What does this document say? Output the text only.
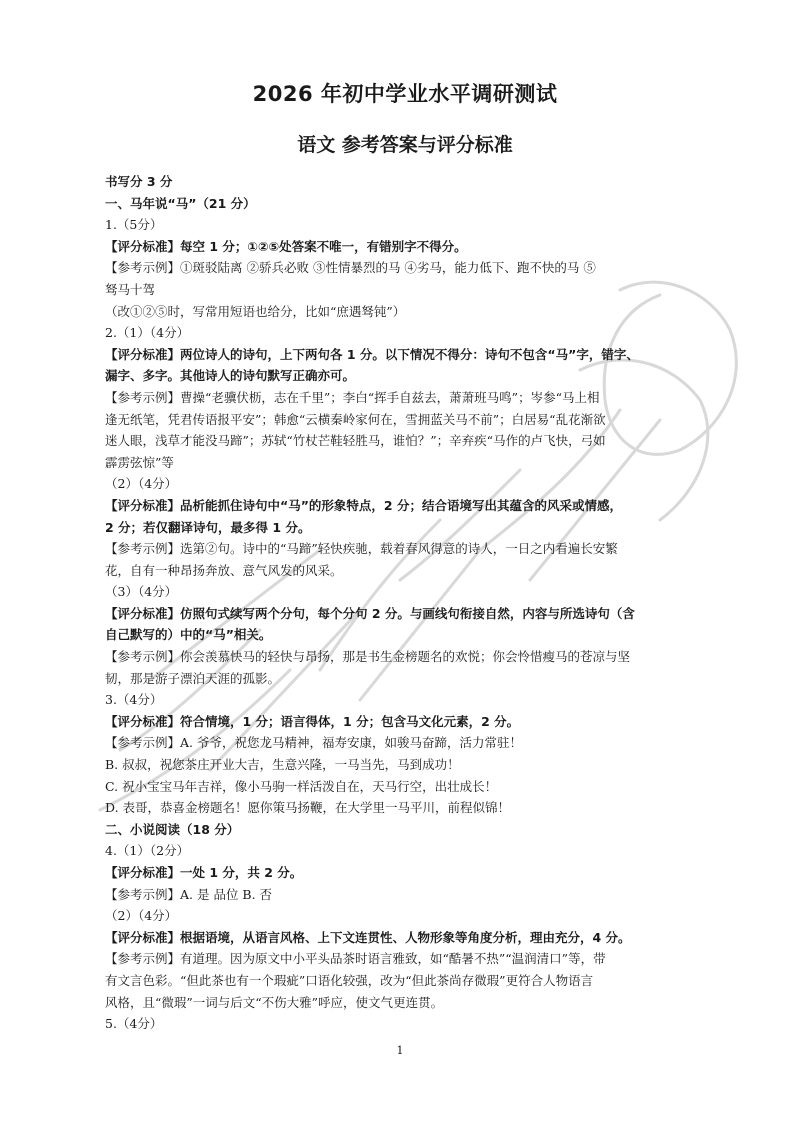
2026 年初中学业水平调研测试
语文 参考答案与评分标准

书写分 3 分

一、马年说“马”（21 分）

1.（5分）

【评分标准】每空 1 分；①②⑤处答案不唯一，有错别字不得分。

【参考示例】①斑驳陆离 ②骄兵必败 ③性情暴烈的马 ④劣马，能力低下、跑不快的马 ⑤

驽马十驾

（改①②⑤时，写常用短语也给分，比如“庶遇驽钝”）

2.（1）（4分）

【评分标准】两位诗人的诗句，上下两句各 1 分。以下情况不得分：诗句不包含“马”字，错字、

漏字、多字。其他诗人的诗句默写正确亦可。

【参考示例】曹操“老骥伏枥，志在千里”；李白“挥手自兹去，萧萧班马鸣”；岑参“马上相

逢无纸笔，凭君传语报平安”；韩愈“云横秦岭家何在，雪拥蓝关马不前”；白居易“乱花渐欲

迷人眼，浅草才能没马蹄”；苏轼“竹杖芒鞋轻胜马，谁怕？”；辛弃疾“马作的卢飞快，弓如

霹雳弦惊”等

（2）（4分）

【评分标准】品析能抓住诗句中“马”的形象特点，2 分；结合语境写出其蕴含的风采或情感，

2 分；若仅翻译诗句，最多得 1 分。

【参考示例】选第②句。诗中的“马蹄”轻快疾驰，载着春风得意的诗人，一日之内看遍长安繁

花，自有一种昂扬奔放、意气风发的风采。

（3）（4分）

【评分标准】仿照句式续写两个分句，每个分句 2 分。与画线句衔接自然，内容与所选诗句（含

自己默写的）中的“马”相关。

【参考示例】你会羡慕快马的轻快与昂扬，那是书生金榜题名的欢悦；你会怜惜瘦马的苍凉与坚

韧，那是游子漂泊天涯的孤影。

3.（4分）

【评分标准】符合情境，1 分；语言得体，1 分；包含马文化元素，2 分。

【参考示例】A. 爷爷，祝您龙马精神，福寿安康，如骏马奋蹄，活力常驻！

B. 叔叔，祝您茶庄开业大吉，生意兴隆，一马当先，马到成功！

C. 祝小宝宝马年吉祥，像小马驹一样活泼自在，天马行空，出壮成长！

D. 表哥，恭喜金榜题名！愿你策马扬鞭，在大学里一马平川，前程似锦！

二、小说阅读（18 分）

4.（1）（2分）

【评分标准】一处 1 分，共 2 分。

【参考示例】A. 是 品位 B. 否

（2）（4分）

【评分标准】根据语境，从语言风格、上下文连贯性、人物形象等角度分析，理由充分，4 分。

【参考示例】有道理。因为原文中小平头品茶时语言雅致，如“酷暑不热”“温润清口”等，带

有文言色彩。“但此茶也有一个瑕疵”口语化较强，改为“但此茶尚存微瑕”更符合人物语言

风格，且“微瑕”一词与后文“不伤大雅”呼应，使文气更连贯。

5.（4分）

1
